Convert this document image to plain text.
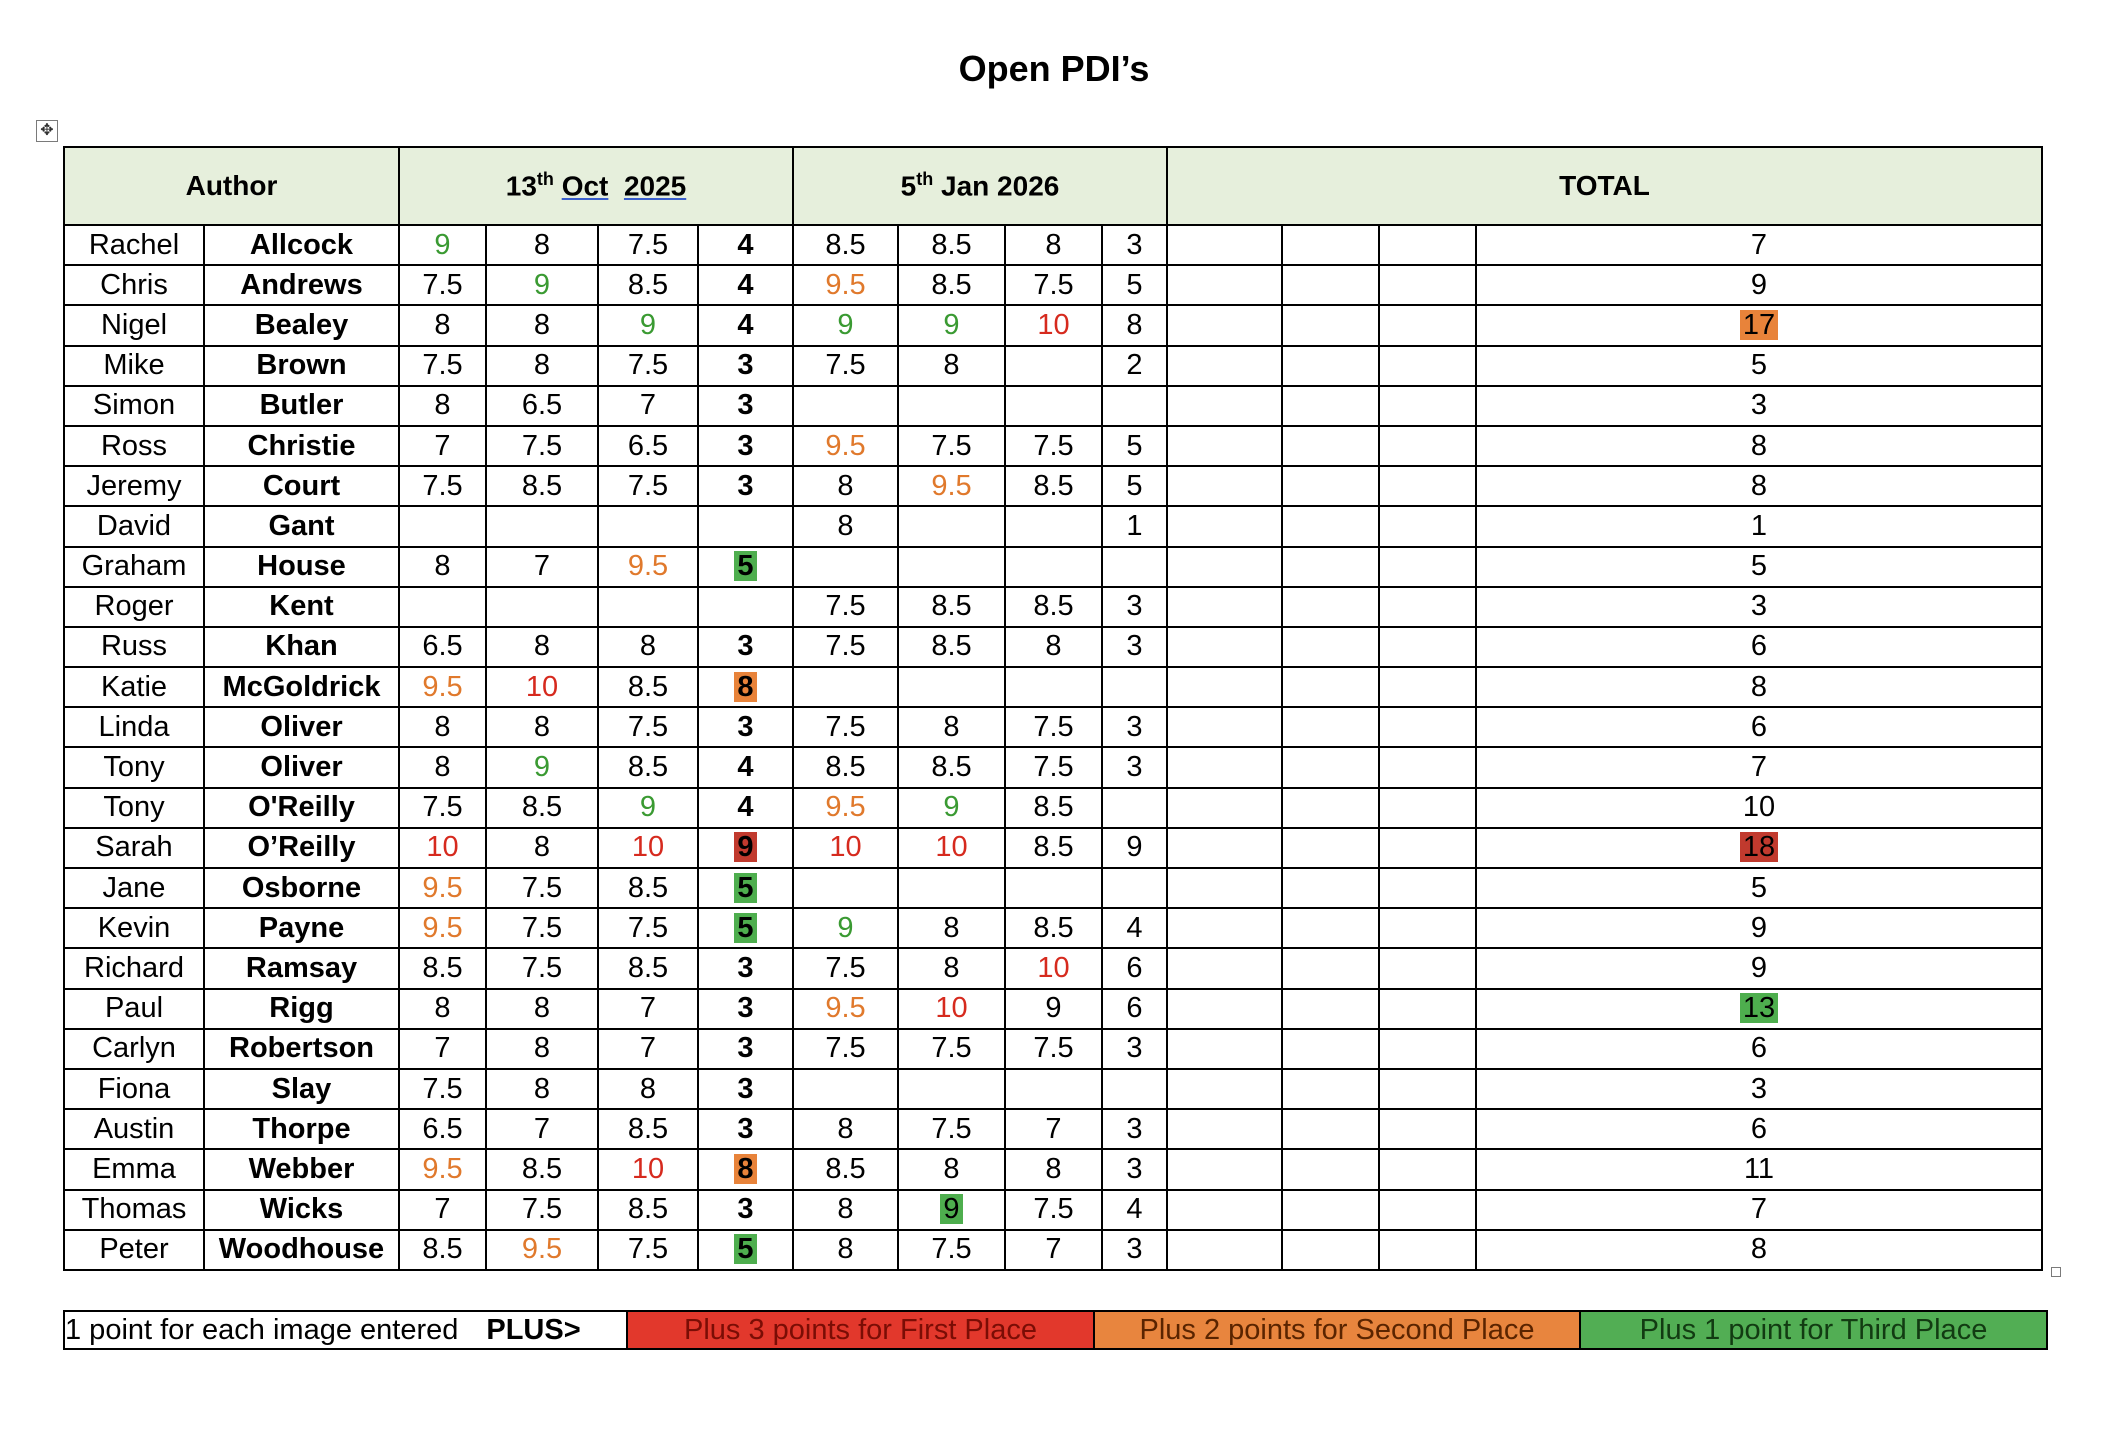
Open PDI’s
✥
Author		13th Oct 2025				5th Jan 2026				TOTAL			
Rachel	Allcock	9	8	7.5	4	8.5	8.5	8	3				7
Chris	Andrews	7.5	9	8.5	4	9.5	8.5	7.5	5				9
Nigel	Bealey	8	8	9	4	9	9	10	8				17
Mike	Brown	7.5	8	7.5	3	7.5	8		2				5
Simon	Butler	8	6.5	7	3								3
Ross	Christie	7	7.5	6.5	3	9.5	7.5	7.5	5				8
Jeremy	Court	7.5	8.5	7.5	3	8	9.5	8.5	5				8
David	Gant					8			1				1
Graham	House	8	7	9.5	5								5
Roger	Kent					7.5	8.5	8.5	3				3
Russ	Khan	6.5	8	8	3	7.5	8.5	8	3				6
Katie	McGoldrick	9.5	10	8.5	8								8
Linda	Oliver	8	8	7.5	3	7.5	8	7.5	3				6
Tony	Oliver	8	9	8.5	4	8.5	8.5	7.5	3				7
Tony	O'Reilly	7.5	8.5	9	4	9.5	9	8.5					10
Sarah	O’Reilly	10	8	10	9	10	10	8.5	9				18
Jane	Osborne	9.5	7.5	8.5	5								5
Kevin	Payne	9.5	7.5	7.5	5	9	8	8.5	4				9
Richard	Ramsay	8.5	7.5	8.5	3	7.5	8	10	6				9
Paul	Rigg	8	8	7	3	9.5	10	9	6				13
Carlyn	Robertson	7	8	7	3	7.5	7.5	7.5	3				6
Fiona	Slay	7.5	8	8	3								3
Austin	Thorpe	6.5	7	8.5	3	8	7.5	7	3				6
Emma	Webber	9.5	8.5	10	8	8.5	8	8	3				11
Thomas	Wicks	7	7.5	8.5	3	8	9	7.5	4				7
Peter	Woodhouse	8.5	9.5	7.5	5	8	7.5	7	3				8
1 point for each image entered PLUS>	Plus 3 points for First Place	Plus 2 points for Second Place	Plus 1 point for Third Place
